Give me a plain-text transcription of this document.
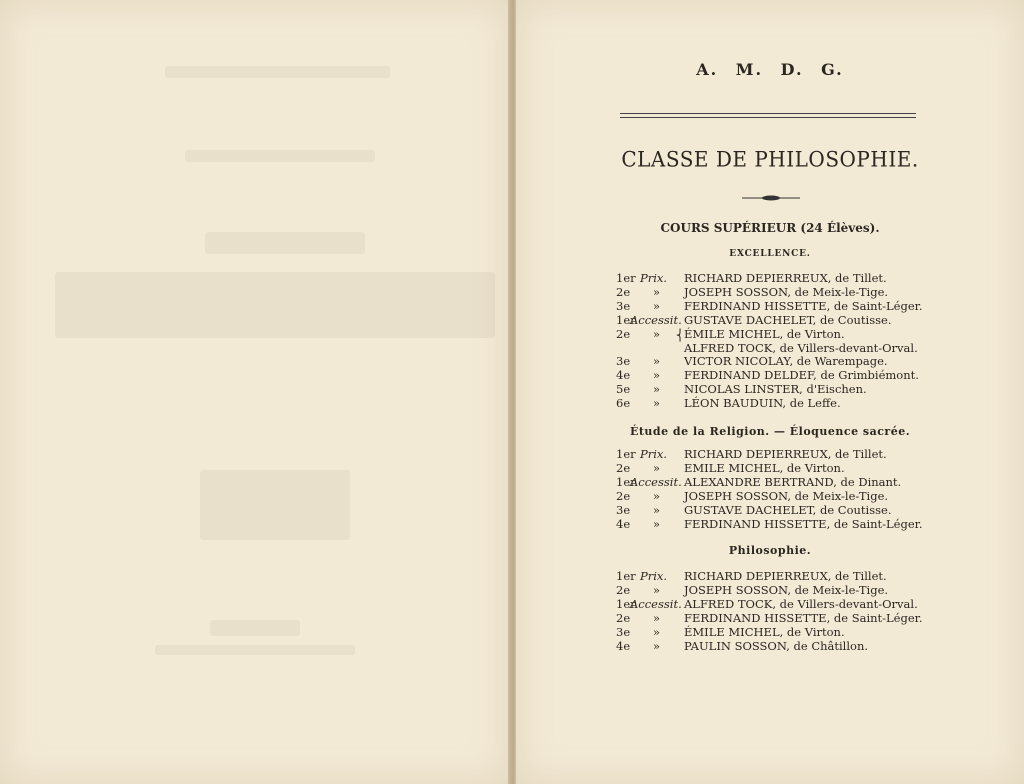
A. M. D. G.
CLASSE DE PHILOSOPHIE.
COURS SUPÉRIEUR (24 Élèves).
EXCELLENCE.
1er Prix. RICHARD DEPIERREUX, de Tillet.
2e » JOSEPH SOSSON, de Meix-le-Tige.
3e » FERDINAND HISSETTE, de Saint-Léger.
1er
Accessit. GUSTAVE DACHELET, de Coutisse.
2e » ÉMILE MICHEL, de Virton.
ALFRED TOCK, de Villers-devant-Orval.
3e » VICTOR NICOLAY, de Warempage.
4e » FERDINAND DELDEF, de Grimbiémont.
5e » NICOLAS LINSTER, d'Eischen.
6e » LÉON BAUDUIN, de Leffe.
⎨
Étude de la Religion. — Éloquence sacrée.
1er Prix. RICHARD DEPIERREUX, de Tillet.
2e » EMILE MICHEL, de Virton.
1er
Accessit. ALEXANDRE BERTRAND, de Dinant.
2e » JOSEPH SOSSON, de Meix-le-Tige.
3e » GUSTAVE DACHELET, de Coutisse.
4e » FERDINAND HISSETTE, de Saint-Léger.
Philosophie.
1er Prix. RICHARD DEPIERREUX, de Tillet.
2e » JOSEPH SOSSON, de Meix-le-Tige.
1er
Accessit. ALFRED TOCK, de Villers-devant-Orval.
2e » FERDINAND HISSETTE, de Saint-Léger.
3e » ÉMILE MICHEL, de Virton.
4e » PAULIN SOSSON, de Châtillon.
